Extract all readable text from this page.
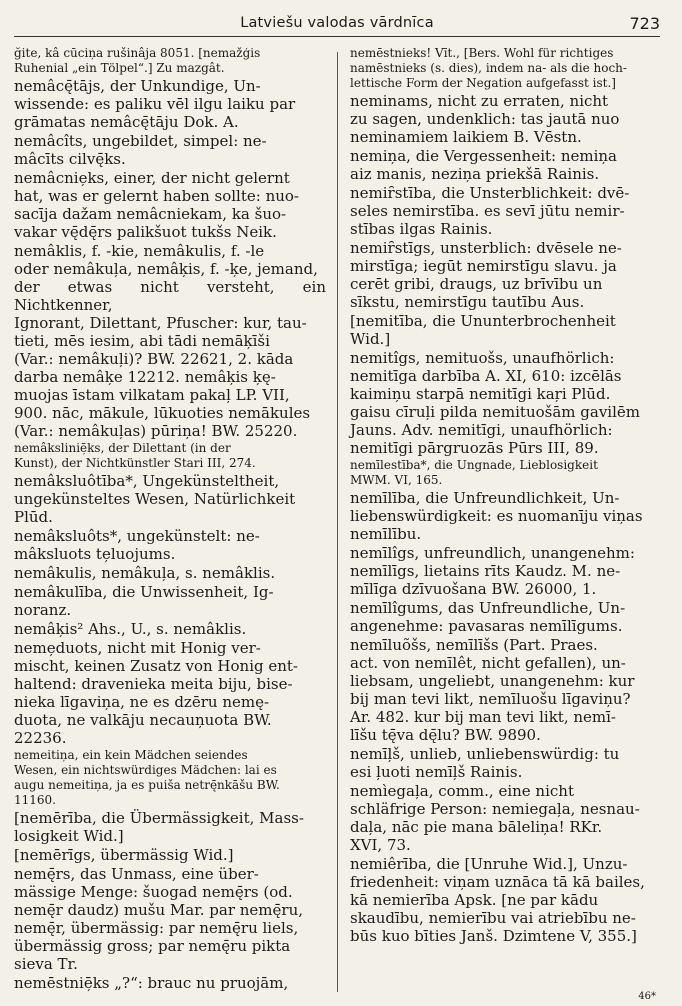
Latviešu valodas vārdnīca	723
ğite, kâ cūciņa rušinâja 8051. [nemažģis
Ruhenial „ein Tölpel“.] Zu mazgât.
nemâcę̄tājs, der Unkundige, Un-
wissende: es paliku vēl ilgu laiku par
grāmatas nemâcę̄tāju Dok. A.
nemâcîts, ungebildet, simpel: ne-
mâcīts cilvę̄ks.
nemâcnie̦ks, einer, der nicht gelernt
hat, was er gelernt haben sollte: nuo-
sacīja dažam nemâcniekam, ka šuo-
vakar vę̄dę̄rs palikšuot tukšs Neik.
nemâklis, f. -kie, nemâkulis, f. -le
oder nemâkuļa, nemâķis, f. -ķe, jemand,
der etwas nicht versteht, ein Nichtkenner,
Ignorant, Dilettant, Pfuscher: kur, tau-
tieti, mēs iesim, abi tādi nemāķīši
(Var.: nemâkuļi)? BW. 22621, 2. kāda
darba nemâķe 12212. nemâķis ķę-
muojas īstam vilkatam pakaļ LP. VII,
900. nāc, mākule, lūkuoties nemākules
(Var.: nemâkuļas) pūriņa! BW. 25220.
nemâksliniē̦ks, der Dilettant (in der
Kunst), der Nichtkünstler Stari III, 274.
nemâksluôtība*, Ungekünsteltheit,
ungekünsteltes Wesen, Natürlichkeit
Plūd.
nemâksluôts*, ungekünstelt: ne-
mâksluots te̦luojums.
nemâkulis, nemâkuļa, s. nemâklis.
nemâkulība, die Unwissenheit, Ig-
noranz.
nemâķis² Ahs., U., s. nemâklis.
neme̦duots, nicht mit Honig ver-
mischt, keinen Zusatz von Honig ent-
haltend: dravenieka meita biju, bise-
nieka līgaviņa, ne es dzēru nemę-
duota, ne valkāju necauņuota BW.
22236.
nemeitiņa, ein kein Mädchen seiendes
Wesen, ein nichtswürdiges Mädchen: lai es
augu nemeitiņa, ja es puiša netrę̄nkāšu BW.
11160.
[nemērība, die Übermässigkeit, Mass-
losigkeit Wid.]
[nemērīgs, übermässig Wid.]
nemę̄rs, das Unmass, eine über-
mässige Menge: šuogad nemę̄rs (od.
nemę̄r daudz) mušu Mar. par nemę̄ru,
nemę̄r, übermässig: par nemę̄ru liels,
übermässig gross; par nemę̄ru pikta
sieva Tr.
nemēstniē̦ks „?“: brauc nu pruojām,
nemēstnieks! Vīt., [Bers. Wohl für richtiges
namēstnieks (s. dies), indem na- als die hoch-
lettische Form der Negation aufgefasst ist.]
neminams, nicht zu erraten, nicht
zu sagen, undenklich: tas jautā nuo
neminamiem laikiem B. Vēstn.
nemiņa, die Vergessenheit: nemiņa
aiz manis, neziņa priekšā Rainis.
nemiȓstība, die Unsterblichkeit: dvē-
seles nemirstība. es sevī jūtu nemir-
stības ilgas Rainis.
nemiȓstīgs, unsterblich: dvēsele ne-
mirstīga; iegūt nemirstīgu slavu. ja
cerēt gribi, draugs, uz brīvību un
sīkstu, nemirstīgu tautību Aus.
[nemitība, die Ununterbrochenheit
Wid.]
nemitîgs, nemituošs, unaufhörlich:
nemitīga darbība A. XI, 610: izcēlās
kaimiņu starpā nemitīgi kaŗi Plūd.
gaisu cīruļi pilda nemituošām gavilēm
Jauns. Adv. nemitīgi, unaufhörlich:
nemitīgi pārgruozās Pūrs III, 89.
nemīlestība*, die Ungnade, Lieblosigkeit
MWM. VI, 165.
nemīlība, die Unfreundlichkeit, Un-
liebenswürdigkeit: es nuomanīju viņas
nemīlību.
nemīlîgs, unfreundlich, unangenehm:
nemīlīgs, lietains rīts Kaudz. M. ne-
mīlīga dzīvuošana BW. 26000, 1.
nemīlîgums, das Unfreundliche, Un-
angenehme: pavasaras nemīlīgums.
nemīluõšs, nemīlīšs (Part. Praes.
act. von nemīlêt, nicht gefallen), un-
liebsam, ungeliebt, unangenehm: kur
bij man tevi likt, nemīluošu līgaviņu?
Ar. 482. kur bij man tevi likt, nemī-
līšu tę̄va dę̄lu? BW. 9890.
nemīļš, unlieb, unliebenswürdig: tu
esi ļuoti nemīļš Rainis.
nemìegaļa, comm., eine nicht
schläfrige Person: nemiegaļa, nesnau-
daļa, nāc pie mana bāleliņa! RKr.
XVI, 73.
nemiêrība, die [Unruhe Wid.], Unzu-
friedenheit: viņam uznāca tā kā bailes,
kā nemierība Apsk. [ne par kādu
skaudību, nemierību vai atriebību ne-
būs kuo bīties Janš. Dzimtene V, 355.]
46*
